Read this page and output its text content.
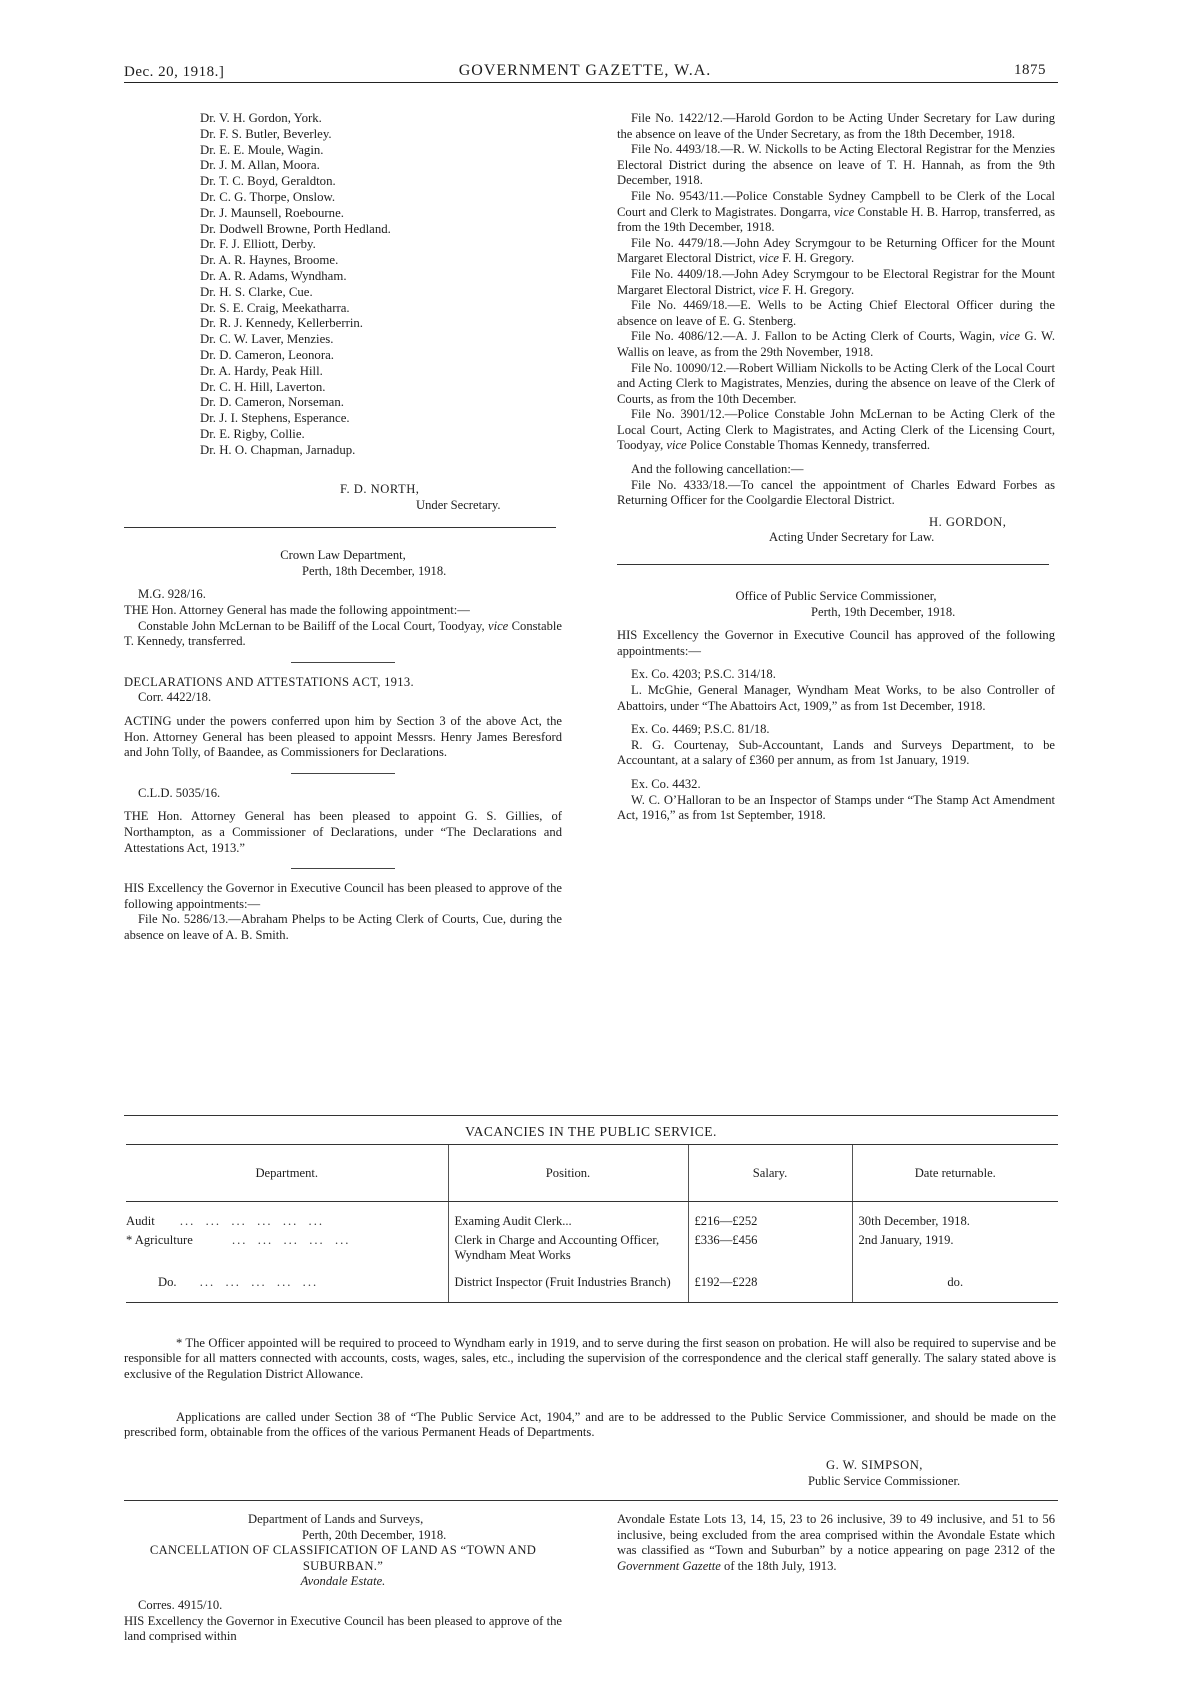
Dec. 20, 1918.]	GOVERNMENT GAZETTE, W.A.	1875
Dr. V. H. Gordon, York.
Dr. F. S. Butler, Beverley.
Dr. E. E. Moule, Wagin.
Dr. J. M. Allan, Moora.
Dr. T. C. Boyd, Geraldton.
Dr. C. G. Thorpe, Onslow.
Dr. J. Maunsell, Roebourne.
Dr. Dodwell Browne, Porth Hedland.
Dr. F. J. Elliott, Derby.
Dr. A. R. Haynes, Broome.
Dr. A. R. Adams, Wyndham.
Dr. H. S. Clarke, Cue.
Dr. S. E. Craig, Meekatharra.
Dr. R. J. Kennedy, Kellerberrin.
Dr. C. W. Laver, Menzies.
Dr. D. Cameron, Leonora.
Dr. A. Hardy, Peak Hill.
Dr. C. H. Hill, Laverton.
Dr. D. Cameron, Norseman.
Dr. J. I. Stephens, Esperance.
Dr. E. Rigby, Collie.
Dr. H. O. Chapman, Jarnadup.

F. D. NORTH,

Under Secretary.

Crown Law Department,

Perth, 18th December, 1918.

M.G. 928/16.

THE Hon. Attorney General has made the following appointment:—

Constable John McLernan to be Bailiff of the Local Court, Toodyay, vice Constable T. Kennedy, transferred.

DECLARATIONS AND ATTESTATIONS ACT, 1913.

Corr. 4422/18.

ACTING under the powers conferred upon him by Section 3 of the above Act, the Hon. Attorney General has been pleased to appoint Messrs. Henry James Beresford and John Tolly, of Baandee, as Commissioners for Declarations.

C.L.D. 5035/16.

THE Hon. Attorney General has been pleased to appoint G. S. Gillies, of Northampton, as a Commissioner of Declarations, under “The Declarations and Attestations Act, 1913.”

HIS Excellency the Governor in Executive Council has been pleased to approve of the following appointments:—

File No. 5286/13.—Abraham Phelps to be Acting Clerk of Courts, Cue, during the absence on leave of A. B. Smith.

File No. 1422/12.—Harold Gordon to be Acting Under Secretary for Law during the absence on leave of the Under Secretary, as from the 18th December, 1918.

File No. 4493/18.—R. W. Nickolls to be Acting Electoral Registrar for the Menzies Electoral District during the absence on leave of T. H. Hannah, as from the 9th December, 1918.

File No. 9543/11.—Police Constable Sydney Campbell to be Clerk of the Local Court and Clerk to Magistrates. Dongarra, vice Constable H. B. Harrop, transferred, as from the 19th December, 1918.

File No. 4479/18.—John Adey Scrymgour to be Returning Officer for the Mount Margaret Electoral District, vice F. H. Gregory.

File No. 4409/18.—John Adey Scrymgour to be Electoral Registrar for the Mount Margaret Electoral District, vice F. H. Gregory.

File No. 4469/18.—E. Wells to be Acting Chief Electoral Officer during the absence on leave of E. G. Stenberg.

File No. 4086/12.—A. J. Fallon to be Acting Clerk of Courts, Wagin, vice G. W. Wallis on leave, as from the 29th November, 1918.

File No. 10090/12.—Robert William Nickolls to be Acting Clerk of the Local Court and Acting Clerk to Magistrates, Menzies, during the absence on leave of the Clerk of Courts, as from the 10th December.

File No. 3901/12.—Police Constable John McLernan to be Acting Clerk of the Local Court, Acting Clerk to Magistrates, and Acting Clerk of the Licensing Court, Toodyay, vice Police Constable Thomas Kennedy, transferred.

And the following cancellation:—

File No. 4333/18.—To cancel the appointment of Charles Edward Forbes as Returning Officer for the Coolgardie Electoral District.

H. GORDON,

Acting Under Secretary for Law.

Office of Public Service Commissioner,

Perth, 19th December, 1918.

HIS Excellency the Governor in Executive Council has approved of the following appointments:—

Ex. Co. 4203; P.S.C. 314/18.

L. McGhie, General Manager, Wyndham Meat Works, to be also Controller of Abattoirs, under “The Abattoirs Act, 1909,” as from 1st December, 1918.

Ex. Co. 4469; P.S.C. 81/18.

R. G. Courtenay, Sub-Accountant, Lands and Surveys Department, to be Accountant, at a salary of £360 per annum, as from 1st January, 1919.

Ex. Co. 4432.

W. C. O’Halloran to be an Inspector of Stamps under “The Stamp Act Amendment Act, 1916,” as from 1st September, 1918.

VACANCIES IN THE PUBLIC SERVICE.
Department.	Position.	Salary.	Date returnable.
Audit ...  ...  ...  ...  ...  ...	Examing Audit Clerk...	£216—£252	30th December, 1918.
* Agriculture ...  ...  ...  ...  ...	Clerk in Charge and Accounting Officer, Wyndham Meat Works	£336—£456	2nd January, 1919.
Do. ...  ...  ...  ...  ...	District Inspector (Fruit Industries Branch)	£192—£228	do.
* The Officer appointed will be required to proceed to Wyndham early in 1919, and to serve during the first season on probation. He will also be required to supervise and be responsible for all matters connected with accounts, costs, wages, sales, etc., including the supervision of the correspondence and the clerical staff generally. The salary stated above is exclusive of the Regulation District Allowance.
Applications are called under Section 38 of “The Public Service Act, 1904,” and are to be addressed to the Public Service Commissioner, and should be made on the prescribed form, obtainable from the offices of the various Permanent Heads of Departments.

G. W. SIMPSON,

Public Service Commissioner.

Department of Lands and Surveys,

Perth, 20th December, 1918.

CANCELLATION OF CLASSIFICATION OF LAND AS “TOWN AND SUBURBAN.”

Avondale Estate.

Corres. 4915/10.

HIS Excellency the Governor in Executive Council has been pleased to approve of the land comprised within

Avondale Estate Lots 13, 14, 15, 23 to 26 inclusive, 39 to 49 inclusive, and 51 to 56 inclusive, being excluded from the area comprised within the Avondale Estate which was classified as “Town and Suburban” by a notice appearing on page 2312 of the Government Gazette of the 18th July, 1913.
